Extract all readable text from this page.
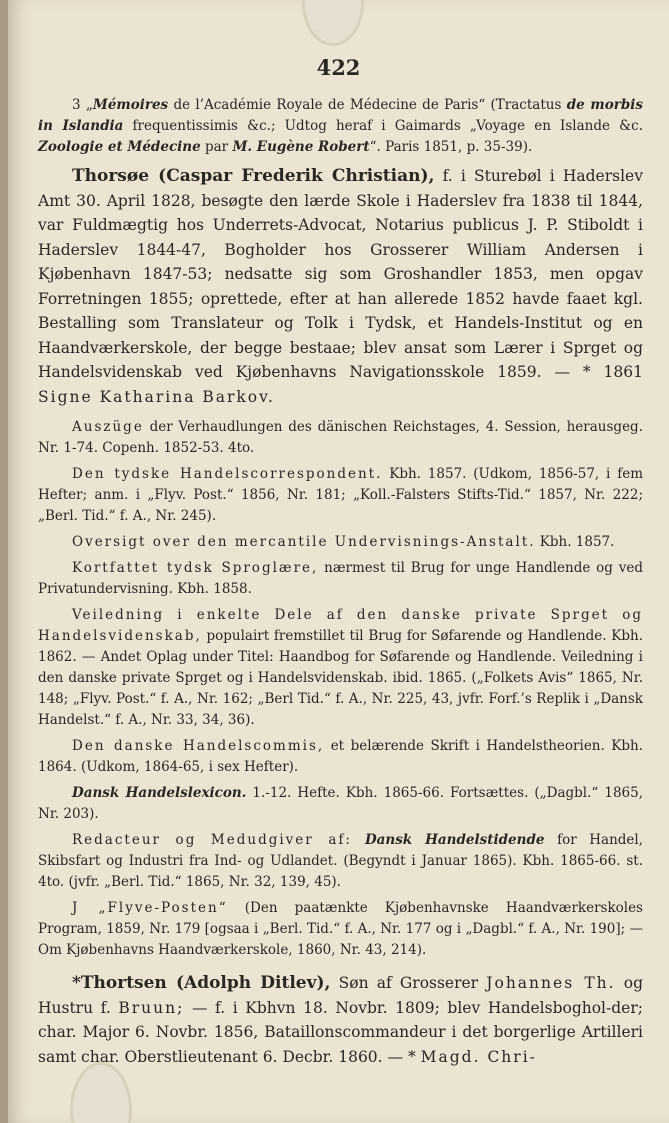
422

3 „Mémoires de l’Académie Royale de Médecine de Paris“ (Tractatus de morbis in Islandia frequentissimis &c.; Udtog heraf i Gaimards „Voyage en Islande &c. Zoologie et Médecine par M. Eugène Robert“. Paris 1851, p. 35-39).

Thorsøe (Caspar Frederik Christian), f. i Sturebøl i Haderslev Amt 30. April 1828, besøgte den lærde Skole i Haderslev fra 1838 til 1844, var Fuldmægtig hos Underrets-Advocat, Notarius publicus J. P. Stiboldt i Haderslev 1844-47, Bogholder hos Grosserer William Andersen i Kjøbenhavn 1847-53; nedsatte sig som Groshandler 1853, men opgav Forretningen 1855; oprettede, efter at han allerede 1852 havde faaet kgl. Bestalling som Translateur og Tolk i Tydsk, et Handels-Institut og en Haandværkerskole, der begge bestaae; blev ansat som Lærer i Sprget og Handelsvidenskab ved Kjøbenhavns Navigationsskole 1859. — * 1861 Signe Katharina Barkov.

Auszüge der Verhaudlungen des dänischen Reichstages, 4. Session, herausgeg. Nr. 1-74. Copenh. 1852-53. 4to.

Den tydske Handelscorrespondent. Kbh. 1857. (Udkom, 1856-57, i fem Hefter; anm. i „Flyv. Post.“ 1856, Nr. 181; „Koll.-Falsters Stifts-Tid.“ 1857, Nr. 222; „Berl. Tid.“ f. A., Nr. 245).

Oversigt over den mercantile Undervisnings-Anstalt. Kbh. 1857.

Kortfattet tydsk Sproglære, nærmest til Brug for unge Handlende og ved Privatundervisning. Kbh. 1858.

Veiledning i enkelte Dele af den danske private Sprget og Handelsvidenskab, populairt fremstillet til Brug for Søfarende og Handlende. Kbh. 1862. — Andet Oplag under Titel: Haandbog for Søfarende og Handlende. Veiledning i den danske private Sprget og i Handelsvidenskab. ibid. 1865. („Folkets Avis“ 1865, Nr. 148; „Flyv. Post.“ f. A., Nr. 162; „Berl Tid.“ f. A., Nr. 225, 43, jvfr. Forf.’s Replik i „Dansk Handelst.“ f. A., Nr. 33, 34, 36).

Den danske Handelscommis, et belærende Skrift i Handelstheorien. Kbh. 1864. (Udkom, 1864-65, i sex Hefter).

Dansk Handelslexicon. 1.-12. Hefte. Kbh. 1865-66. Fortsættes. („Dagbl.“ 1865, Nr. 203).

Redacteur og Medudgiver af: Dansk Handelstidende for Handel, Skibsfart og Industri fra Ind- og Udlandet. (Begyndt i Januar 1865). Kbh. 1865-66. st. 4to. (jvfr. „Berl. Tid.“ 1865, Nr. 32, 139, 45).

J „Flyve-Posten“ (Den paatænkte Kjøbenhavnske Haandværkerskoles Program, 1859, Nr. 179 [ogsaa i „Berl. Tid.“ f. A., Nr. 177 og i „Dagbl.“ f. A., Nr. 190]; — Om Kjøbenhavns Haandværkerskole, 1860, Nr. 43, 214).

*Thortsen (Adolph Ditlev), Søn af Grosserer Johannes Th. og Hustru f. Bruun; — f. i Kbhvn 18. Novbr. 1809; blev Handelsboghol-der; char. Major 6. Novbr. 1856, Bataillonscommandeur i det borgerlige Artilleri samt char. Oberstlieutenant 6. Decbr. 1860. — * Magd. Chri-
